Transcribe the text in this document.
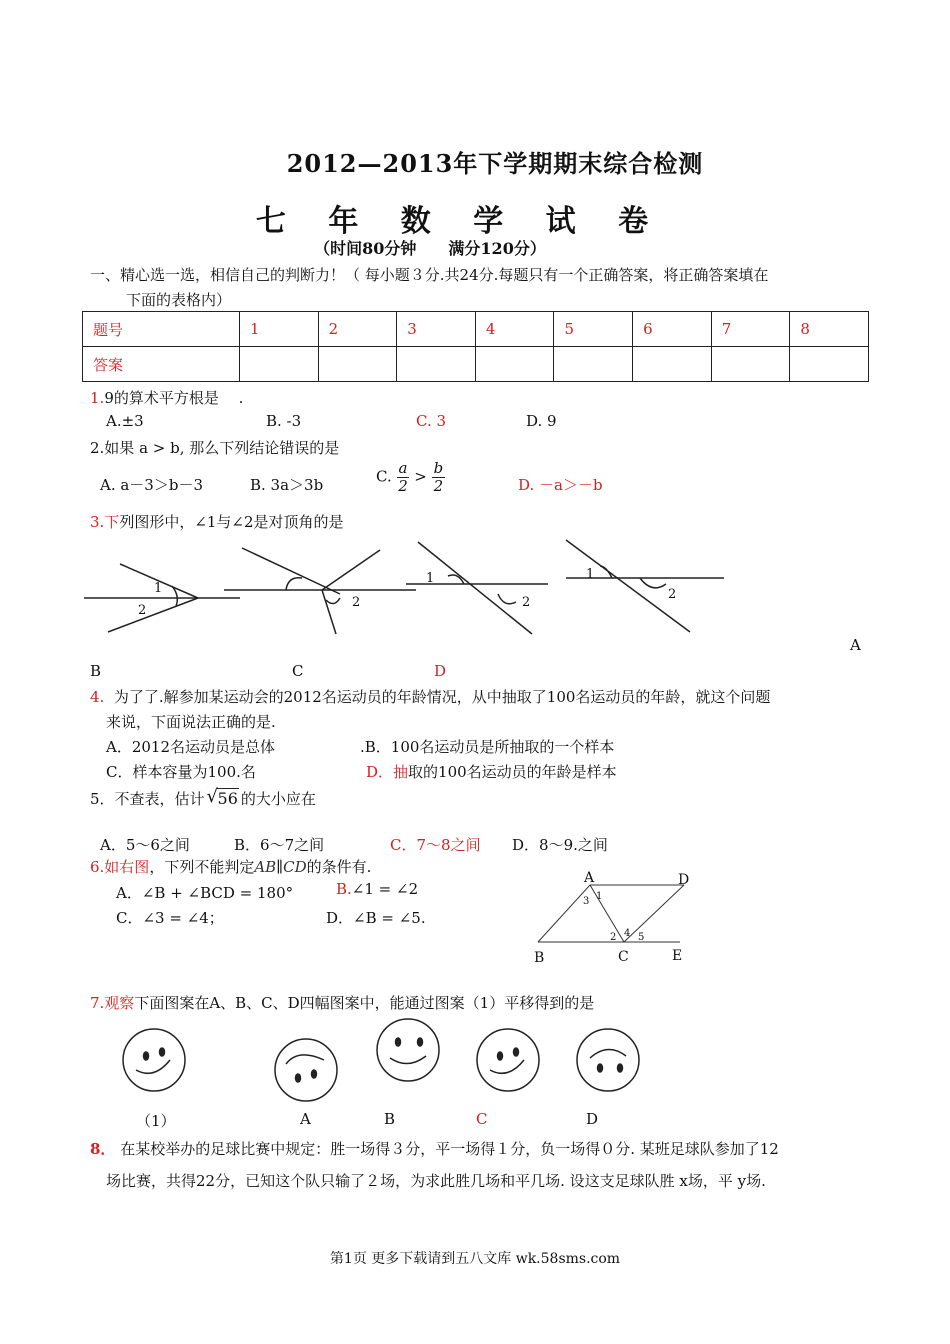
2012—2013年下学期期末综合检测
七 年 数 学 试 卷
（时间80分钟　　满分120分）
一、精心选一选，相信自己的判断力！（ 每小题３分.共24分.每题只有一个正确答案，将正确答案填在
下面的表格内）
题号	1	2	3	4	5	6	7	8
答案								
1.9的算术平方根是　 .
A.±3	B. -3	C. 3	D. 9
2.如果 a > b, 那么下列结论错误的是
A. a－3＞b－3	B. 3a＞3b	C. $\frac{a}{2} > \frac{b}{2}$	D. －a＞－b
3.下列图形中，∠1与∠2是对顶角的是
1
2
2
1
2
1
2
A
B	C	D
4. 为了了.解参加某运动会的2012名运动员的年龄情况，从中抽取了100名运动员的年龄，就这个问题
来说，下面说法正确的是.
A．2012名运动员是总体	.B．100名运动员是所抽取的一个样本
C．样本容量为100.名	D．抽取的100名运动员的年龄是样本
5．不查表，估计 √ 56 的大小应在
A．5～6之间	B．6～7之间	C．7～8之间 D．8～9.之间
6.如右图，下列不能判定AB∥CD的条件有.
A．∠B + ∠BCD = 180°	B.∠1 = ∠2
C．∠3 = ∠4；	D．∠B = ∠5.
A	D
B	C	E
1
3
2 4 5
7.观察下面图案在A、B、C、D四幅图案中，能通过图案（1）平移得到的是
（1）	A	B	C	D
8． 在某校举办的足球比赛中规定：胜一场得３分，平一场得１分，负一场得０分. 某班足球队参加了12
场比赛，共得22分，已知这个队只输了２场，为求此胜几场和平几场. 设这支足球队胜 x场，平 y场.
第1页 更多下载请到五八文库 wk.58sms.com
